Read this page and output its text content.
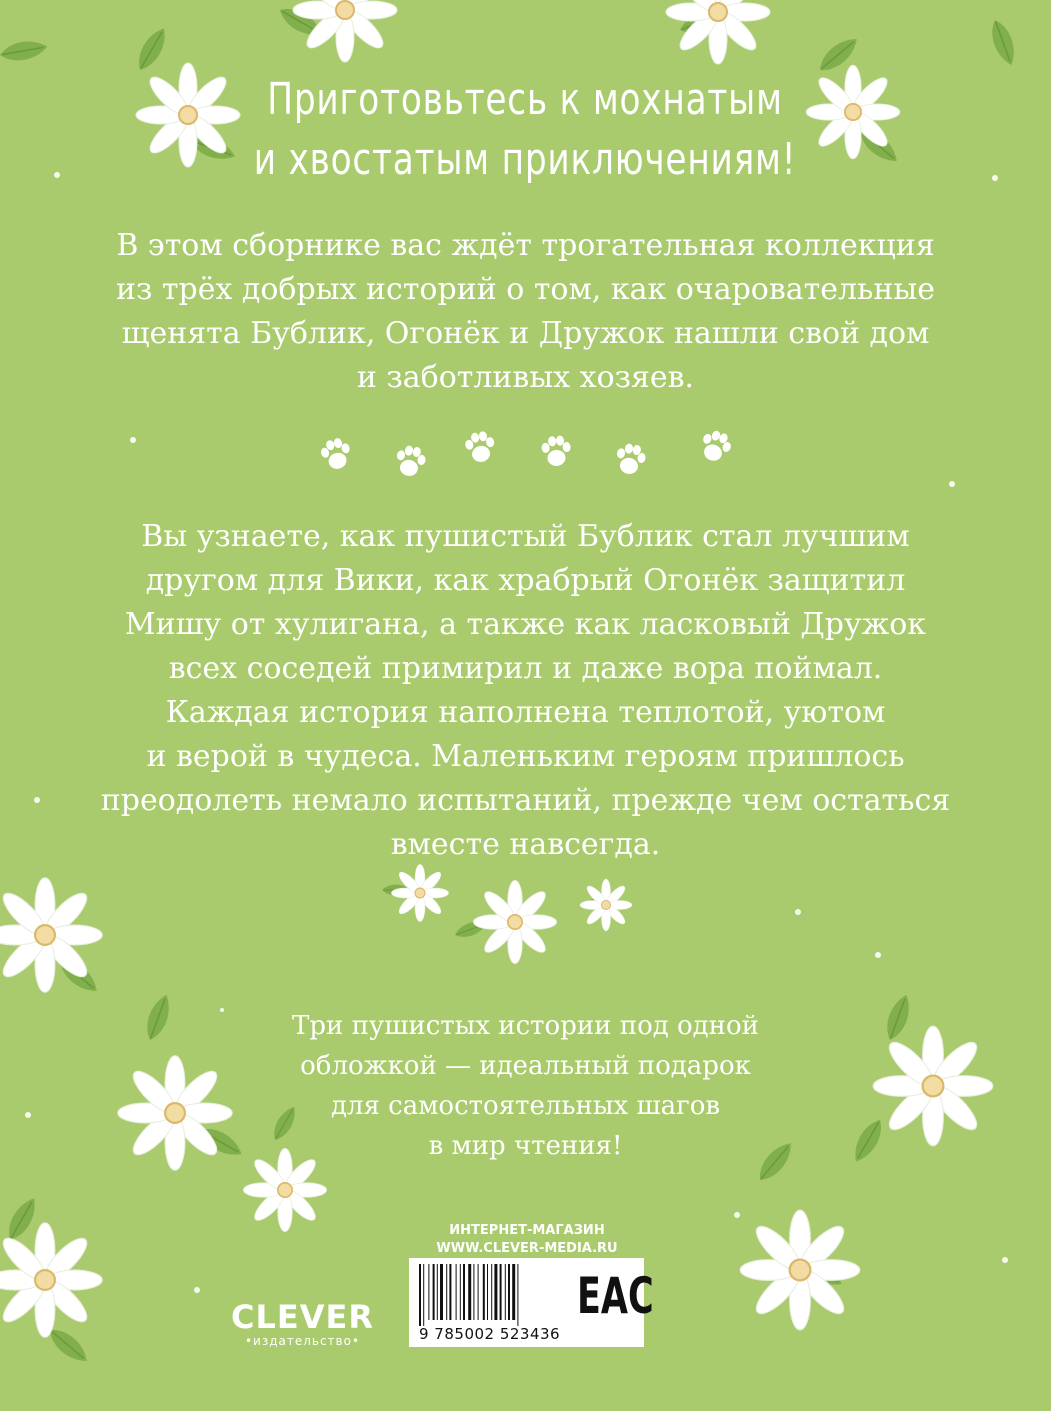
Приготовьтесь к мохнатым
и хвостатым приключениям!
В этом сборнике вас ждёт трогательная коллекция
из трёх добрых историй о том, как очаровательные
щенята Бублик, Огонёк и Дружок нашли свой дом
и заботливых хозяев.
Вы узнаете, как пушистый Бублик стал лучшим
другом для Вики, как храбрый Огонёк защитил
Мишу от хулигана, а также как ласковый Дружок
всех соседей примирил и даже вора поймал.
Каждая история наполнена теплотой, уютом
и верой в чудеса. Маленьким героям пришлось
преодолеть немало испытаний, прежде чем остаться
вместе навсегда.
Три пушистых истории под одной
обложкой — идеальный подарок
для самостоятельных шагов
в мир чтения!
CLEVER
•издательство•
ИНТЕРНЕТ-МАГАЗИН
WWW.CLEVER-MEDIA.RU
9 785002 523436
EAC
